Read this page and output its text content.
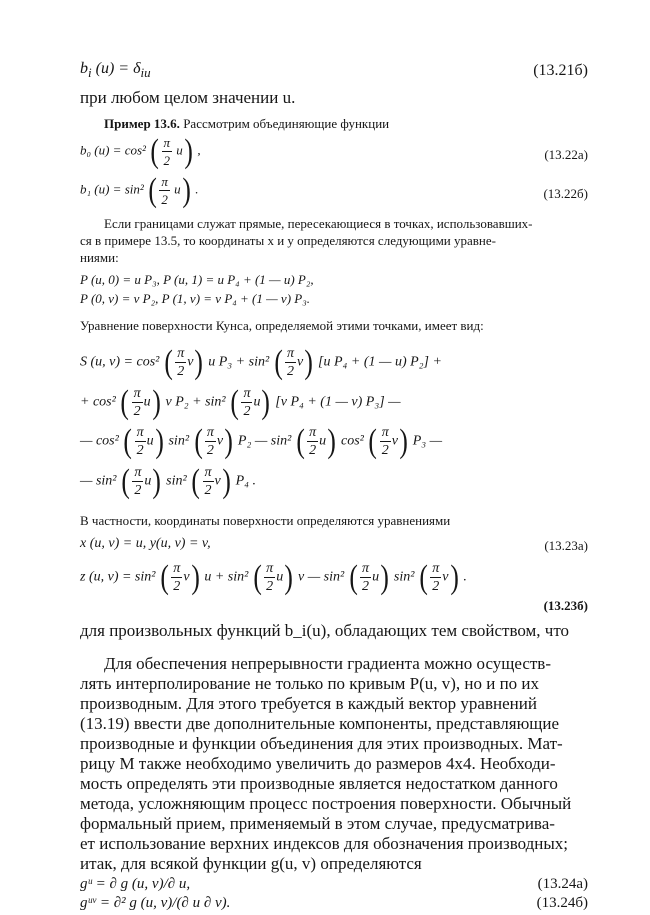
$b_i$ $(u) = \delta_{iu}$	(13.21б)
при любом целом значении u.
Пример 13.6. Рассмотрим объединяющие функции
b₀ (u) = cos² ( $\frac{\pi}{2} u$) ,	(13.22а)
b₁ (u) = sin² ( $\frac{\pi}{2} u$) .	(13.22б)
Если границами служат прямые, пересекающиеся в точках, использовавших-
ся в примере 13.5, то координаты x и y определяются следующими уравне-
ниями:
P (u, 0) = u P₃, P (u, 1) = u P₄ + (1 — u) P₂,
P (0, v) = v P₂, P (1, v) = v P₄ + (1 — v) P₃.
Уравнение поверхности Кунса, определяемой этими точками, имеет вид:
S (u, v) = cos² ( $\frac{\pi}{2} v$) u P₃ + sin² ( $\frac{\pi}{2} v$) [u P₄ + (1 — u) P₂] +
+ cos² ( $\frac{\pi}{2} u$) v P₂ + sin² ( $\frac{\pi}{2} u$) [v P₄ + (1 — v) P₃] —
— cos² ( $\frac{\pi}{2} u$) sin² ( $\frac{\pi}{2} v$) P₂ — sin² ( $\frac{\pi}{2} u$) cos² ( $\frac{\pi}{2} v$) P₃ —
— sin² ( $\frac{\pi}{2} u$) sin² ( $\frac{\pi}{2} v$) P₄ .
В частности, координаты поверхности определяются уравнениями
x (u, v) = u, y(u, v) = v,	(13.23а)
z (u, v) = sin² ( $\frac{\pi}{2} v$) u + sin² ( $\frac{\pi}{2} u$) v — sin² ( $\frac{\pi}{2} u$) sin² ( $\frac{\pi}{2} v$) .
(13.23б)
для произвольных функций b_i(u), обладающих тем свойством, что
Для обеспечения непрерывности градиента можно осуществ-
лять интерполирование не только по кривым P(u, v), но и по их
производным. Для этого требуется в каждый вектор уравнений
(13.19) ввести две дополнительные компоненты, представляющие
производные и функции объединения для этих производных. Мат-
рицу M также необходимо увеличить до размеров 4х4. Необходи-
мость определять эти производные является недостатком данного
метода, усложняющим процесс построения поверхности. Обычный
формальный прием, применяемый в этом случае, предусматрива-
ет использование верхних индексов для обозначения производных;
итак, для всякой функции g(u, v) определяются
gᵘ = ∂ g (u, v)/∂ u,	(13.24а)
gᵘᵛ = ∂² g (u, v)/(∂ u ∂ v).	(13.24б)
